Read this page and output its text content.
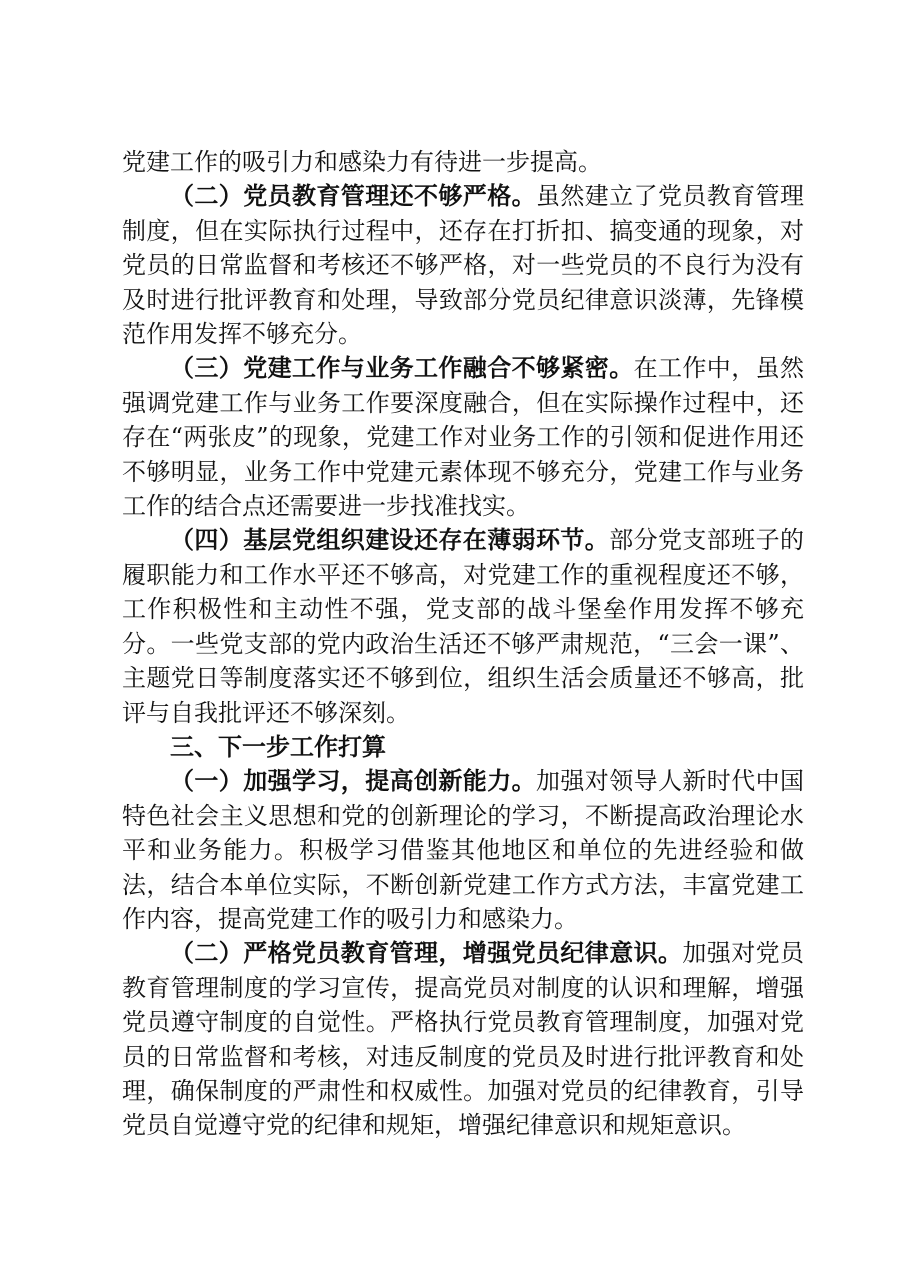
党建工作的吸引力和感染力有待进一步提高。

（二）党员教育管理还不够严格。虽然建立了党员教育管理制度，但在实际执行过程中，还存在打折扣、搞变通的现象，对党员的日常监督和考核还不够严格，对一些党员的不良行为没有及时进行批评教育和处理，导致部分党员纪律意识淡薄，先锋模范作用发挥不够充分。

（三）党建工作与业务工作融合不够紧密。在工作中，虽然强调党建工作与业务工作要深度融合，但在实际操作过程中，还存在“两张皮”的现象，党建工作对业务工作的引领和促进作用还不够明显，业务工作中党建元素体现不够充分，党建工作与业务工作的结合点还需要进一步找准找实。

（四）基层党组织建设还存在薄弱环节。部分党支部班子的履职能力和工作水平还不够高，对党建工作的重视程度还不够，工作积极性和主动性不强，党支部的战斗堡垒作用发挥不够充分。一些党支部的党内政治生活还不够严肃规范，“三会一课”、主题党日等制度落实还不够到位，组织生活会质量还不够高，批评与自我批评还不够深刻。

三、下一步工作打算

（一）加强学习，提高创新能力。加强对领导人新时代中国特色社会主义思想和党的创新理论的学习，不断提高政治理论水平和业务能力。积极学习借鉴其他地区和单位的先进经验和做法，结合本单位实际，不断创新党建工作方式方法，丰富党建工作内容，提高党建工作的吸引力和感染力。

（二）严格党员教育管理，增强党员纪律意识。加强对党员教育管理制度的学习宣传，提高党员对制度的认识和理解，增强党员遵守制度的自觉性。严格执行党员教育管理制度，加强对党员的日常监督和考核，对违反制度的党员及时进行批评教育和处理，确保制度的严肃性和权威性。加强对党员的纪律教育，引导党员自觉遵守党的纪律和规矩，增强纪律意识和规矩意识。
